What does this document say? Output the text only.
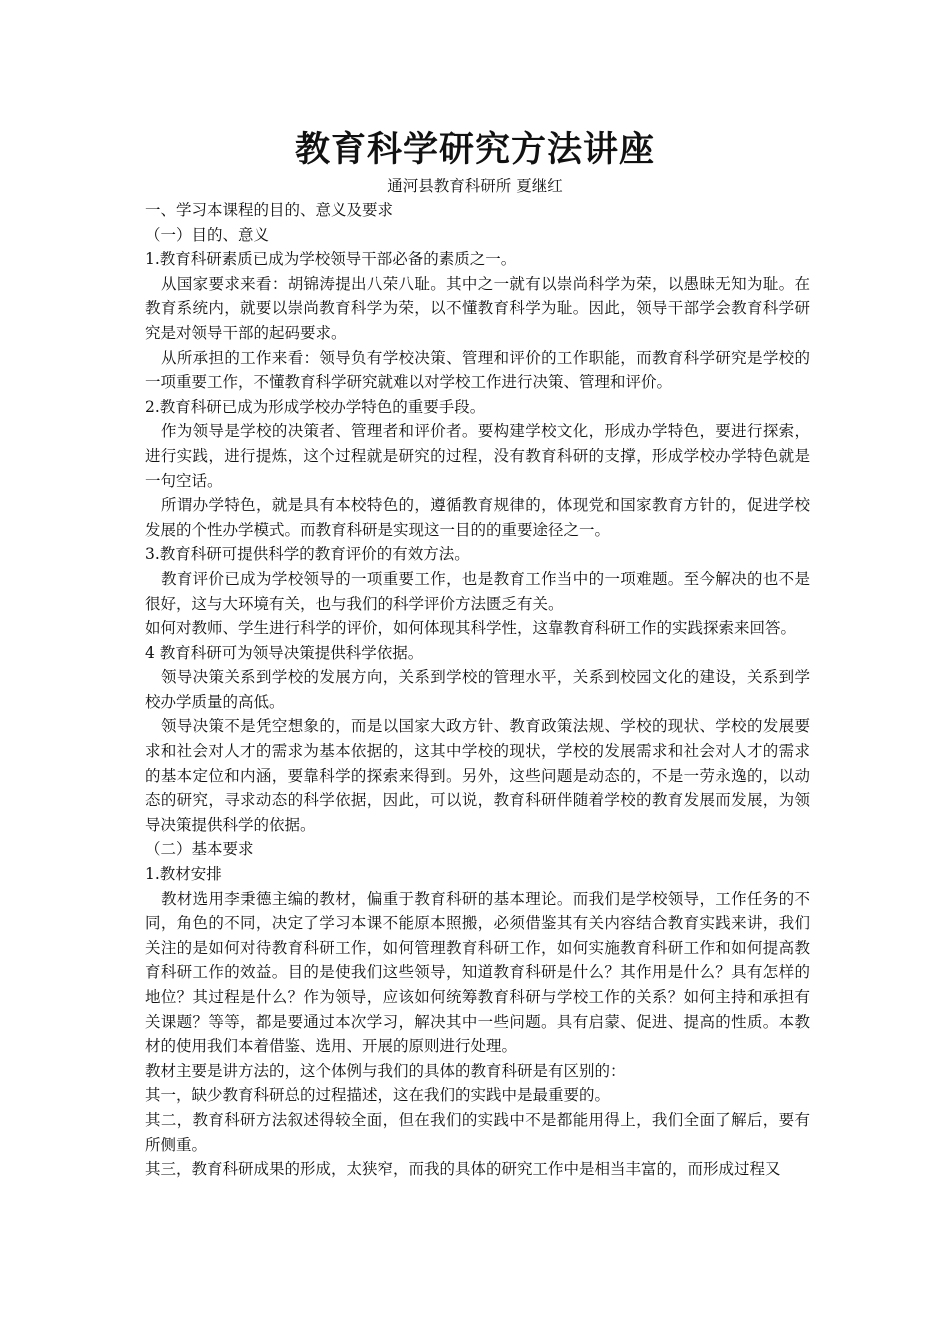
教育科学研究方法讲座
通河县教育科研所 夏继红

一、学习本课程的目的、意义及要求

（一）目的、意义

1.教育科研素质已成为学校领导干部必备的素质之一。

从国家要求来看：胡锦涛提出八荣八耻。其中之一就有以崇尚科学为荣，以愚昧无知为耻。在教育系统内，就要以崇尚教育科学为荣，以不懂教育科学为耻。因此，领导干部学会教育科学研究是对领导干部的起码要求。

从所承担的工作来看：领导负有学校决策、管理和评价的工作职能，而教育科学研究是学校的一项重要工作，不懂教育科学研究就难以对学校工作进行决策、管理和评价。

2.教育科研已成为形成学校办学特色的重要手段。

作为领导是学校的决策者、管理者和评价者。要构建学校文化，形成办学特色，要进行探索，进行实践，进行提炼，这个过程就是研究的过程，没有教育科研的支撑，形成学校办学特色就是一句空话。

所谓办学特色，就是具有本校特色的，遵循教育规律的，体现党和国家教育方针的，促进学校发展的个性办学模式。而教育科研是实现这一目的的重要途径之一。

3.教育科研可提供科学的教育评价的有效方法。

教育评价已成为学校领导的一项重要工作，也是教育工作当中的一项难题。至今解决的也不是很好，这与大环境有关，也与我们的科学评价方法匮乏有关。

如何对教师、学生进行科学的评价，如何体现其科学性，这靠教育科研工作的实践探索来回答。

4 教育科研可为领导决策提供科学依据。

领导决策关系到学校的发展方向，关系到学校的管理水平，关系到校园文化的建设，关系到学校办学质量的高低。

领导决策不是凭空想象的，而是以国家大政方针、教育政策法规、学校的现状、学校的发展要求和社会对人才的需求为基本依据的，这其中学校的现状，学校的发展需求和社会对人才的需求的基本定位和内涵，要靠科学的探索来得到。另外，这些问题是动态的，不是一劳永逸的，以动态的研究，寻求动态的科学依据，因此，可以说，教育科研伴随着学校的教育发展而发展，为领导决策提供科学的依据。

（二）基本要求

1.教材安排

教材选用李秉德主编的教材，偏重于教育科研的基本理论。而我们是学校领导，工作任务的不同，角色的不同，决定了学习本课不能原本照搬，必须借鉴其有关内容结合教育实践来讲，我们关注的是如何对待教育科研工作，如何管理教育科研工作，如何实施教育科研工作和如何提高教育科研工作的效益。目的是使我们这些领导，知道教育科研是什么？其作用是什么？具有怎样的地位？其过程是什么？作为领导，应该如何统筹教育科研与学校工作的关系？如何主持和承担有关课题？等等，都是要通过本次学习，解决其中一些问题。具有启蒙、促进、提高的性质。本教材的使用我们本着借鉴、选用、开展的原则进行处理。

教材主要是讲方法的，这个体例与我们的具体的教育科研是有区别的：

其一，缺少教育科研总的过程描述，这在我们的实践中是最重要的。

其二，教育科研方法叙述得较全面，但在我们的实践中不是都能用得上，我们全面了解后，要有所侧重。

其三，教育科研成果的形成，太狭窄，而我的具体的研究工作中是相当丰富的，而形成过程又
